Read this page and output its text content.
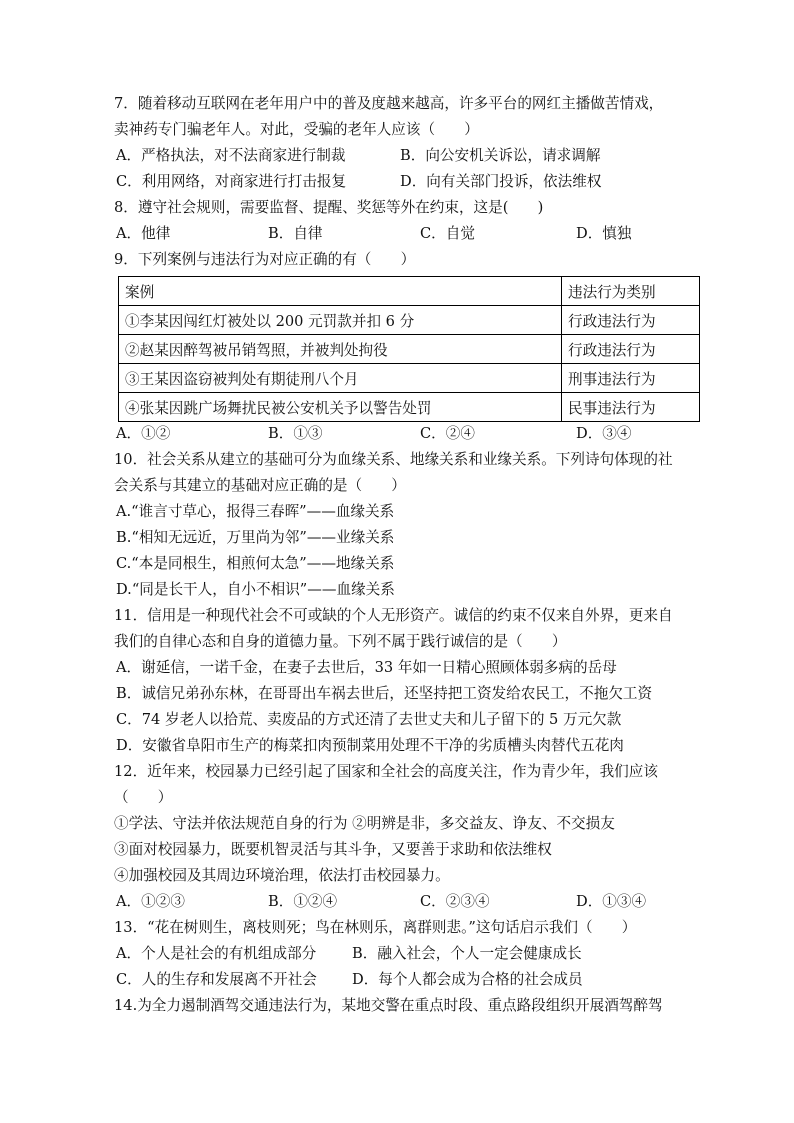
7．随着移动互联网在老年用户中的普及度越来越高，许多平台的网红主播做苦情戏，
卖神药专门骗老年人。对此，受骗的老年人应该（　　）
A．严格执法，对不法商家进行制裁	B．向公安机关诉讼，请求调解
C．利用网络，对商家进行打击报复	D．向有关部门投诉，依法维权
8．遵守社会规则，需要监督、提醒、奖惩等外在约束，这是(　　)
A．他律	B．自律	C．自觉	D．慎独
9．下列案例与违法行为对应正确的有（　　）
案例	违法行为类别
①李某因闯红灯被处以 200 元罚款并扣 6 分	行政违法行为
②赵某因醉驾被吊销驾照，并被判处拘役	行政违法行为
③王某因盗窃被判处有期徒刑八个月	刑事违法行为
④张某因跳广场舞扰民被公安机关予以警告处罚	民事违法行为
A．①②	B．①③	C．②④	D．③④
10．社会关系从建立的基础可分为血缘关系、地缘关系和业缘关系。下列诗句体现的社
会关系与其建立的基础对应正确的是（　　）
A.“谁言寸草心，报得三春晖”——血缘关系
B.“相知无远近，万里尚为邻”——业缘关系
C.“本是同根生，相煎何太急”——地缘关系
D.“同是长干人，自小不相识”——血缘关系
11．信用是一种现代社会不可或缺的个人无形资产。诚信的约束不仅来自外界，更来自
我们的自律心态和自身的道德力量。下列不属于践行诚信的是（　　）
A．谢延信，一诺千金，在妻子去世后，33 年如一日精心照顾体弱多病的岳母
B．诚信兄弟孙东林，在哥哥出车祸去世后，还坚持把工资发给农民工，不拖欠工资
C．74 岁老人以拾荒、卖废品的方式还清了去世丈夫和儿子留下的 5 万元欠款
D．安徽省阜阳市生产的梅菜扣肉预制菜用处理不干净的劣质槽头肉替代五花肉
12．近年来，校园暴力已经引起了国家和全社会的高度关注，作为青少年，我们应该
（　　）
①学法、守法并依法规范自身的行为 ②明辨是非，多交益友、诤友、不交损友
③面对校园暴力，既要机智灵活与其斗争，又要善于求助和依法维权
④加强校园及其周边环境治理，依法打击校园暴力。
A．①②③	B．①②④	C．②③④	D．①③④
13．“花在树则生，离枝则死；鸟在林则乐，离群则悲。”这句话启示我们（　　）
A．个人是社会的有机组成部分 B．融入社会，个人一定会健康成长
C．人的生存和发展离不开社会 D．每个人都会成为合格的社会成员
14.为全力遏制酒驾交通违法行为，某地交警在重点时段、重点路段组织开展酒驾醉驾
